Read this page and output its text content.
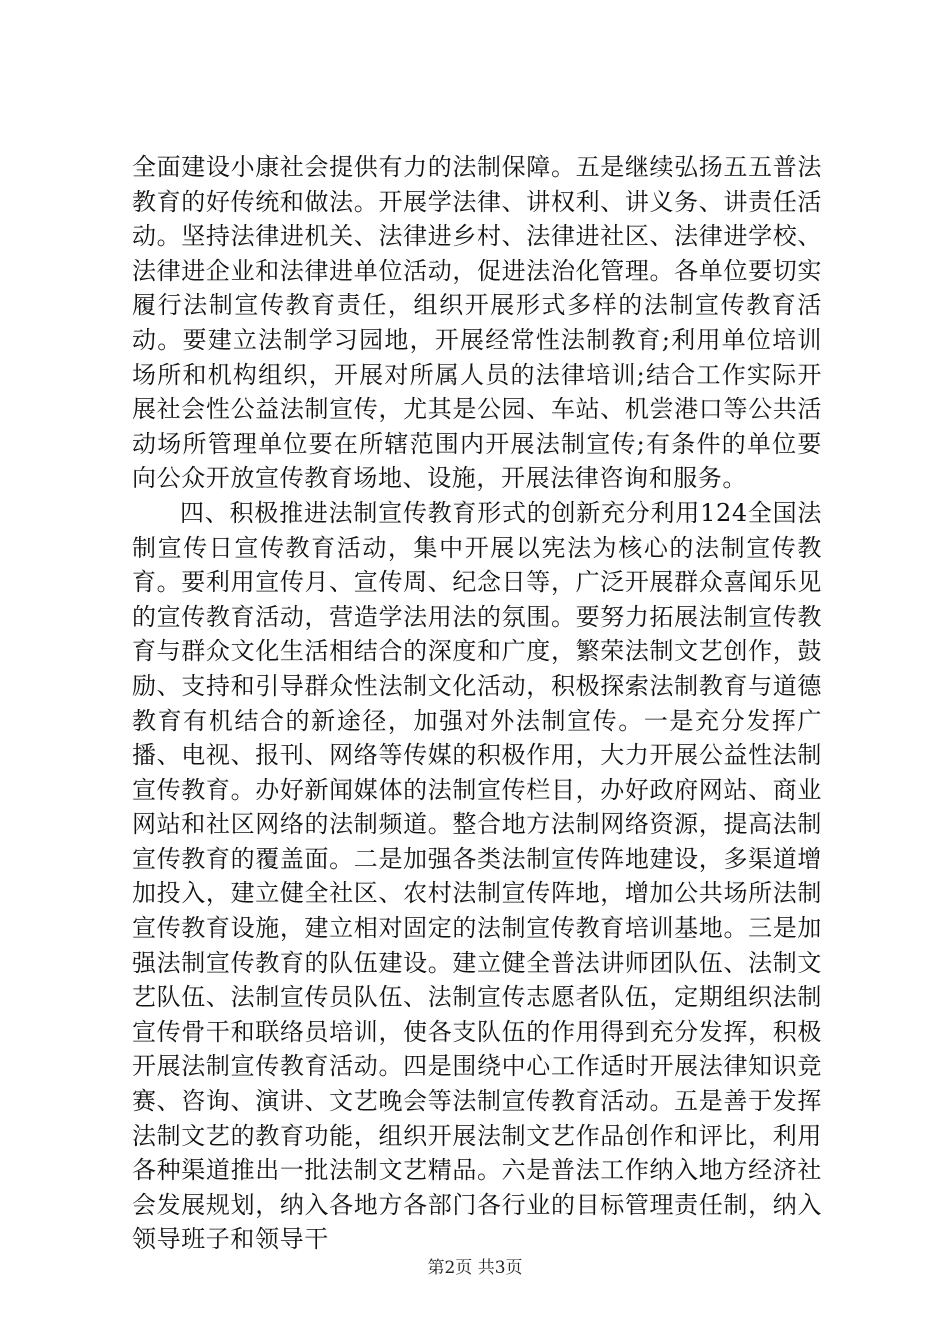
全面建设小康社会提供有力的法制保障。五是继续弘扬五五普法教育的好传统和做法。开展学法律、讲权利、讲义务、讲责任活动。坚持法律进机关、法律进乡村、法律进社区、法律进学校、法律进企业和法律进单位活动，促进法治化管理。各单位要切实履行法制宣传教育责任，组织开展形式多样的法制宣传教育活动。要建立法制学习园地，开展经常性法制教育;利用单位培训场所和机构组织，开展对所属人员的法律培训;结合工作实际开展社会性公益法制宣传，尤其是公园、车站、机尝港口等公共活动场所管理单位要在所辖范围内开展法制宣传;有条件的单位要向公众开放宣传教育场地、设施，开展法律咨询和服务。

四、积极推进法制宣传教育形式的创新充分利用124全国法制宣传日宣传教育活动，集中开展以宪法为核心的法制宣传教育。要利用宣传月、宣传周、纪念日等，广泛开展群众喜闻乐见的宣传教育活动，营造学法用法的氛围。要努力拓展法制宣传教育与群众文化生活相结合的深度和广度，繁荣法制文艺创作，鼓励、支持和引导群众性法制文化活动，积极探索法制教育与道德教育有机结合的新途径，加强对外法制宣传。一是充分发挥广播、电视、报刊、网络等传媒的积极作用，大力开展公益性法制宣传教育。办好新闻媒体的法制宣传栏目，办好政府网站、商业网站和社区网络的法制频道。整合地方法制网络资源，提高法制宣传教育的覆盖面。二是加强各类法制宣传阵地建设，多渠道增加投入，建立健全社区、农村法制宣传阵地，增加公共场所法制宣传教育设施，建立相对固定的法制宣传教育培训基地。三是加强法制宣传教育的队伍建设。建立健全普法讲师团队伍、法制文艺队伍、法制宣传员队伍、法制宣传志愿者队伍，定期组织法制宣传骨干和联络员培训，使各支队伍的作用得到充分发挥，积极开展法制宣传教育活动。四是围绕中心工作适时开展法律知识竞赛、咨询、演讲、文艺晚会等法制宣传教育活动。五是善于发挥法制文艺的教育功能，组织开展法制文艺作品创作和评比，利用各种渠道推出一批法制文艺精品。六是普法工作纳入地方经济社会发展规划，纳入各地方各部门各行业的目标管理责任制，纳入领导班子和领导干

第2页 共3页
